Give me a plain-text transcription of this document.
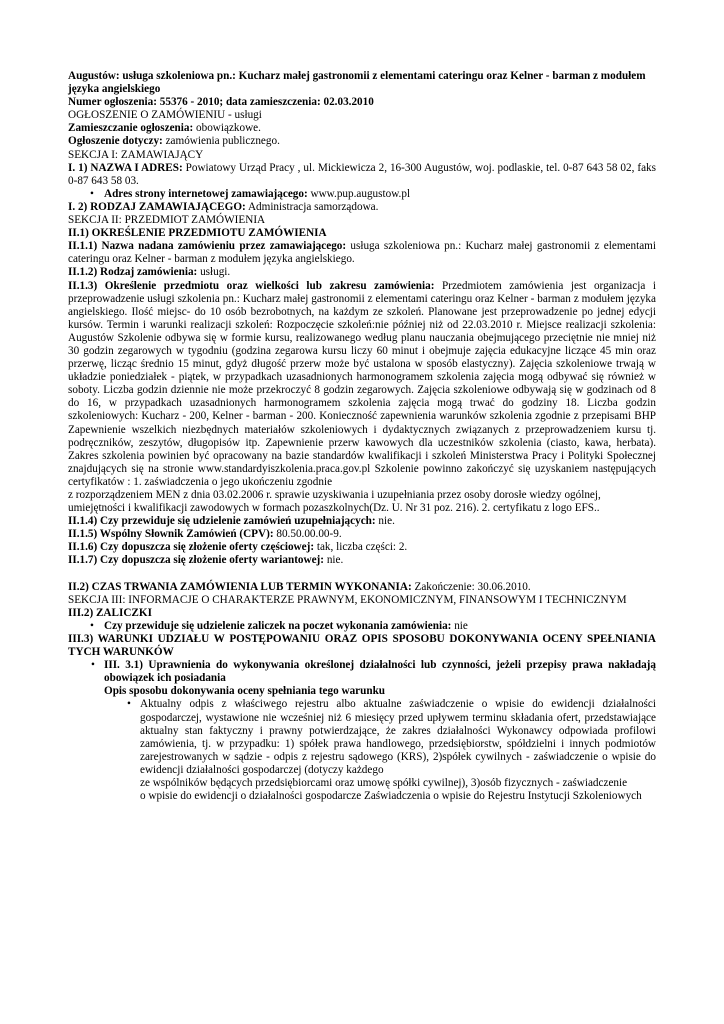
Augustów: usługa szkoleniowa pn.: Kucharz małej gastronomii z elementami cateringu oraz Kelner - barman z modułem języka angielskiego

Numer ogłoszenia: 55376 - 2010; data zamieszczenia: 02.03.2010

OGŁOSZENIE O ZAMÓWIENIU - usługi

Zamieszczanie ogłoszenia: obowiązkowe.

Ogłoszenie dotyczy: zamówienia publicznego.

SEKCJA I: ZAMAWIAJĄCY

I. 1) NAZWA I ADRES: Powiatowy Urząd Pracy , ul. Mickiewicza 2, 16-300 Augustów, woj. podlaskie, tel. 0-87 643 58 02, faks 0-87 643 58 03.

• Adres strony internetowej zamawiającego: www.pup.augustow.pl

I. 2) RODZAJ ZAMAWIAJĄCEGO: Administracja samorządowa.

SEKCJA II: PRZEDMIOT ZAMÓWIENIA

II.1) OKREŚLENIE PRZEDMIOTU ZAMÓWIENIA

II.1.1) Nazwa nadana zamówieniu przez zamawiającego: usługa szkoleniowa pn.: Kucharz małej gastronomii z elementami cateringu oraz Kelner - barman z modułem języka angielskiego.

II.1.2) Rodzaj zamówienia: usługi.

II.1.3) Określenie przedmiotu oraz wielkości lub zakresu zamówienia: Przedmiotem zamówienia jest organizacja i przeprowadzenie usługi szkolenia pn.: Kucharz małej gastronomii z elementami cateringu oraz Kelner - barman z modułem języka angielskiego. Ilość miejsc- do 10 osób bezrobotnych, na każdym ze szkoleń. Planowane jest przeprowadzenie po jednej edycji kursów. Termin i warunki realizacji szkoleń: Rozpoczęcie szkoleń:nie później niż od 22.03.2010 r. Miejsce realizacji szkolenia: Augustów Szkolenie odbywa się w formie kursu, realizowanego według planu nauczania obejmującego przeciętnie nie mniej niż 30 godzin zegarowych w tygodniu (godzina zegarowa kursu liczy 60 minut i obejmuje zajęcia edukacyjne liczące 45 min oraz przerwę, licząc średnio 15 minut, gdyż długość przerw może być ustalona w sposób elastyczny). Zajęcia szkoleniowe trwają w układzie poniedziałek - piątek, w przypadkach uzasadnionych harmonogramem szkolenia zajęcia mogą odbywać się również w soboty. Liczba godzin dziennie nie może przekroczyć 8 godzin zegarowych. Zajęcia szkoleniowe odbywają się w godzinach od 8 do 16, w przypadkach uzasadnionych harmonogramem szkolenia zajęcia mogą trwać do godziny 18. Liczba godzin szkoleniowych: Kucharz - 200, Kelner - barman - 200. Konieczność zapewnienia warunków szkolenia zgodnie z przepisami BHP Zapewnienie wszelkich niezbędnych materiałów szkoleniowych i dydaktycznych związanych z przeprowadzeniem kursu tj. podręczników, zeszytów, długopisów itp. Zapewnienie przerw kawowych dla uczestników szkolenia (ciasto, kawa, herbata). Zakres szkolenia powinien być opracowany na bazie standardów kwalifikacji i szkoleń Ministerstwa Pracy i Polityki Społecznej znajdujących się na stronie www.standardyiszkolenia.praca.gov.pl Szkolenie powinno zakończyć się uzyskaniem następujących certyfikatów : 1. zaświadczenia o jego ukończeniu zgodnie

z rozporządzeniem MEN z dnia 03.02.2006 r. sprawie uzyskiwania i uzupełniania przez osoby dorosłe wiedzy ogólnej, umiejętności i kwalifikacji zawodowych w formach pozaszkolnych(Dz. U. Nr 31 poz. 216). 2. certyfikatu z logo EFS..

II.1.4) Czy przewiduje się udzielenie zamówień uzupełniających: nie.

II.1.5) Wspólny Słownik Zamówień (CPV): 80.50.00.00-9.

II.1.6) Czy dopuszcza się złożenie oferty częściowej: tak, liczba części: 2.

II.1.7) Czy dopuszcza się złożenie oferty wariantowej: nie.

II.2) CZAS TRWANIA ZAMÓWIENIA LUB TERMIN WYKONANIA: Zakończenie: 30.06.2010.

SEKCJA III: INFORMACJE O CHARAKTERZE PRAWNYM, EKONOMICZNYM, FINANSOWYM I TECHNICZNYM

III.2) ZALICZKI

• Czy przewiduje się udzielenie zaliczek na poczet wykonania zamówienia: nie

III.3) WARUNKI UDZIAŁU W POSTĘPOWANIU ORAZ OPIS SPOSOBU DOKONYWANIA OCENY SPEŁNIANIA TYCH WARUNKÓW

• III. 3.1) Uprawnienia do wykonywania określonej działalności lub czynności, jeżeli przepisy prawa nakładają obowiązek ich posiadania

Opis sposobu dokonywania oceny spełniania tego warunku

• Aktualny odpis z właściwego rejestru albo aktualne zaświadczenie o wpisie do ewidencji działalności gospodarczej, wystawione nie wcześniej niż 6 miesięcy przed upływem terminu składania ofert, przedstawiające aktualny stan faktyczny i prawny potwierdzające, że zakres działalności Wykonawcy odpowiada profilowi zamówienia, tj. w przypadku: 1) spółek prawa handlowego, przedsiębiorstw, spółdzielni i innych podmiotów zarejestrowanych w sądzie - odpis z rejestru sądowego (KRS), 2)spółek cywilnych - zaświadczenie o wpisie do ewidencji działalności gospodarczej (dotyczy każdego

ze wspólników będących przedsiębiorcami oraz umowę spółki cywilnej), 3)osób fizycznych - zaświadczenie

o wpisie do ewidencji o działalności gospodarcze Zaświadczenia o wpisie do Rejestru Instytucji Szkoleniowych
